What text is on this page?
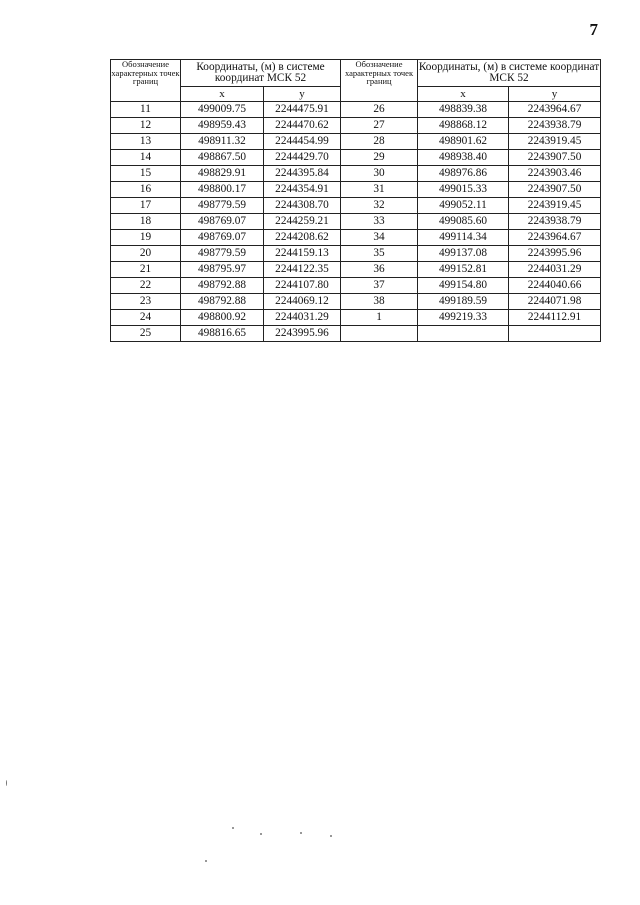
7
Обозначение характерных точек границ	Координаты, (м) в системе координат МСК 52		Обозначение характерных точек границ	Координаты, (м) в системе координат МСК 52	
	x	y		x	y
11	499009.75	2244475.91	26	498839.38	2243964.67
12	498959.43	2244470.62	27	498868.12	2243938.79
13	498911.32	2244454.99	28	498901.62	2243919.45
14	498867.50	2244429.70	29	498938.40	2243907.50
15	498829.91	2244395.84	30	498976.86	2243903.46
16	498800.17	2244354.91	31	499015.33	2243907.50
17	498779.59	2244308.70	32	499052.11	2243919.45
18	498769.07	2244259.21	33	499085.60	2243938.79
19	498769.07	2244208.62	34	499114.34	2243964.67
20	498779.59	2244159.13	35	499137.08	2243995.96
21	498795.97	2244122.35	36	499152.81	2244031.29
22	498792.88	2244107.80	37	499154.80	2244040.66
23	498792.88	2244069.12	38	499189.59	2244071.98
24	498800.92	2244031.29	1	499219.33	2244112.91
25	498816.65	2243995.96			
